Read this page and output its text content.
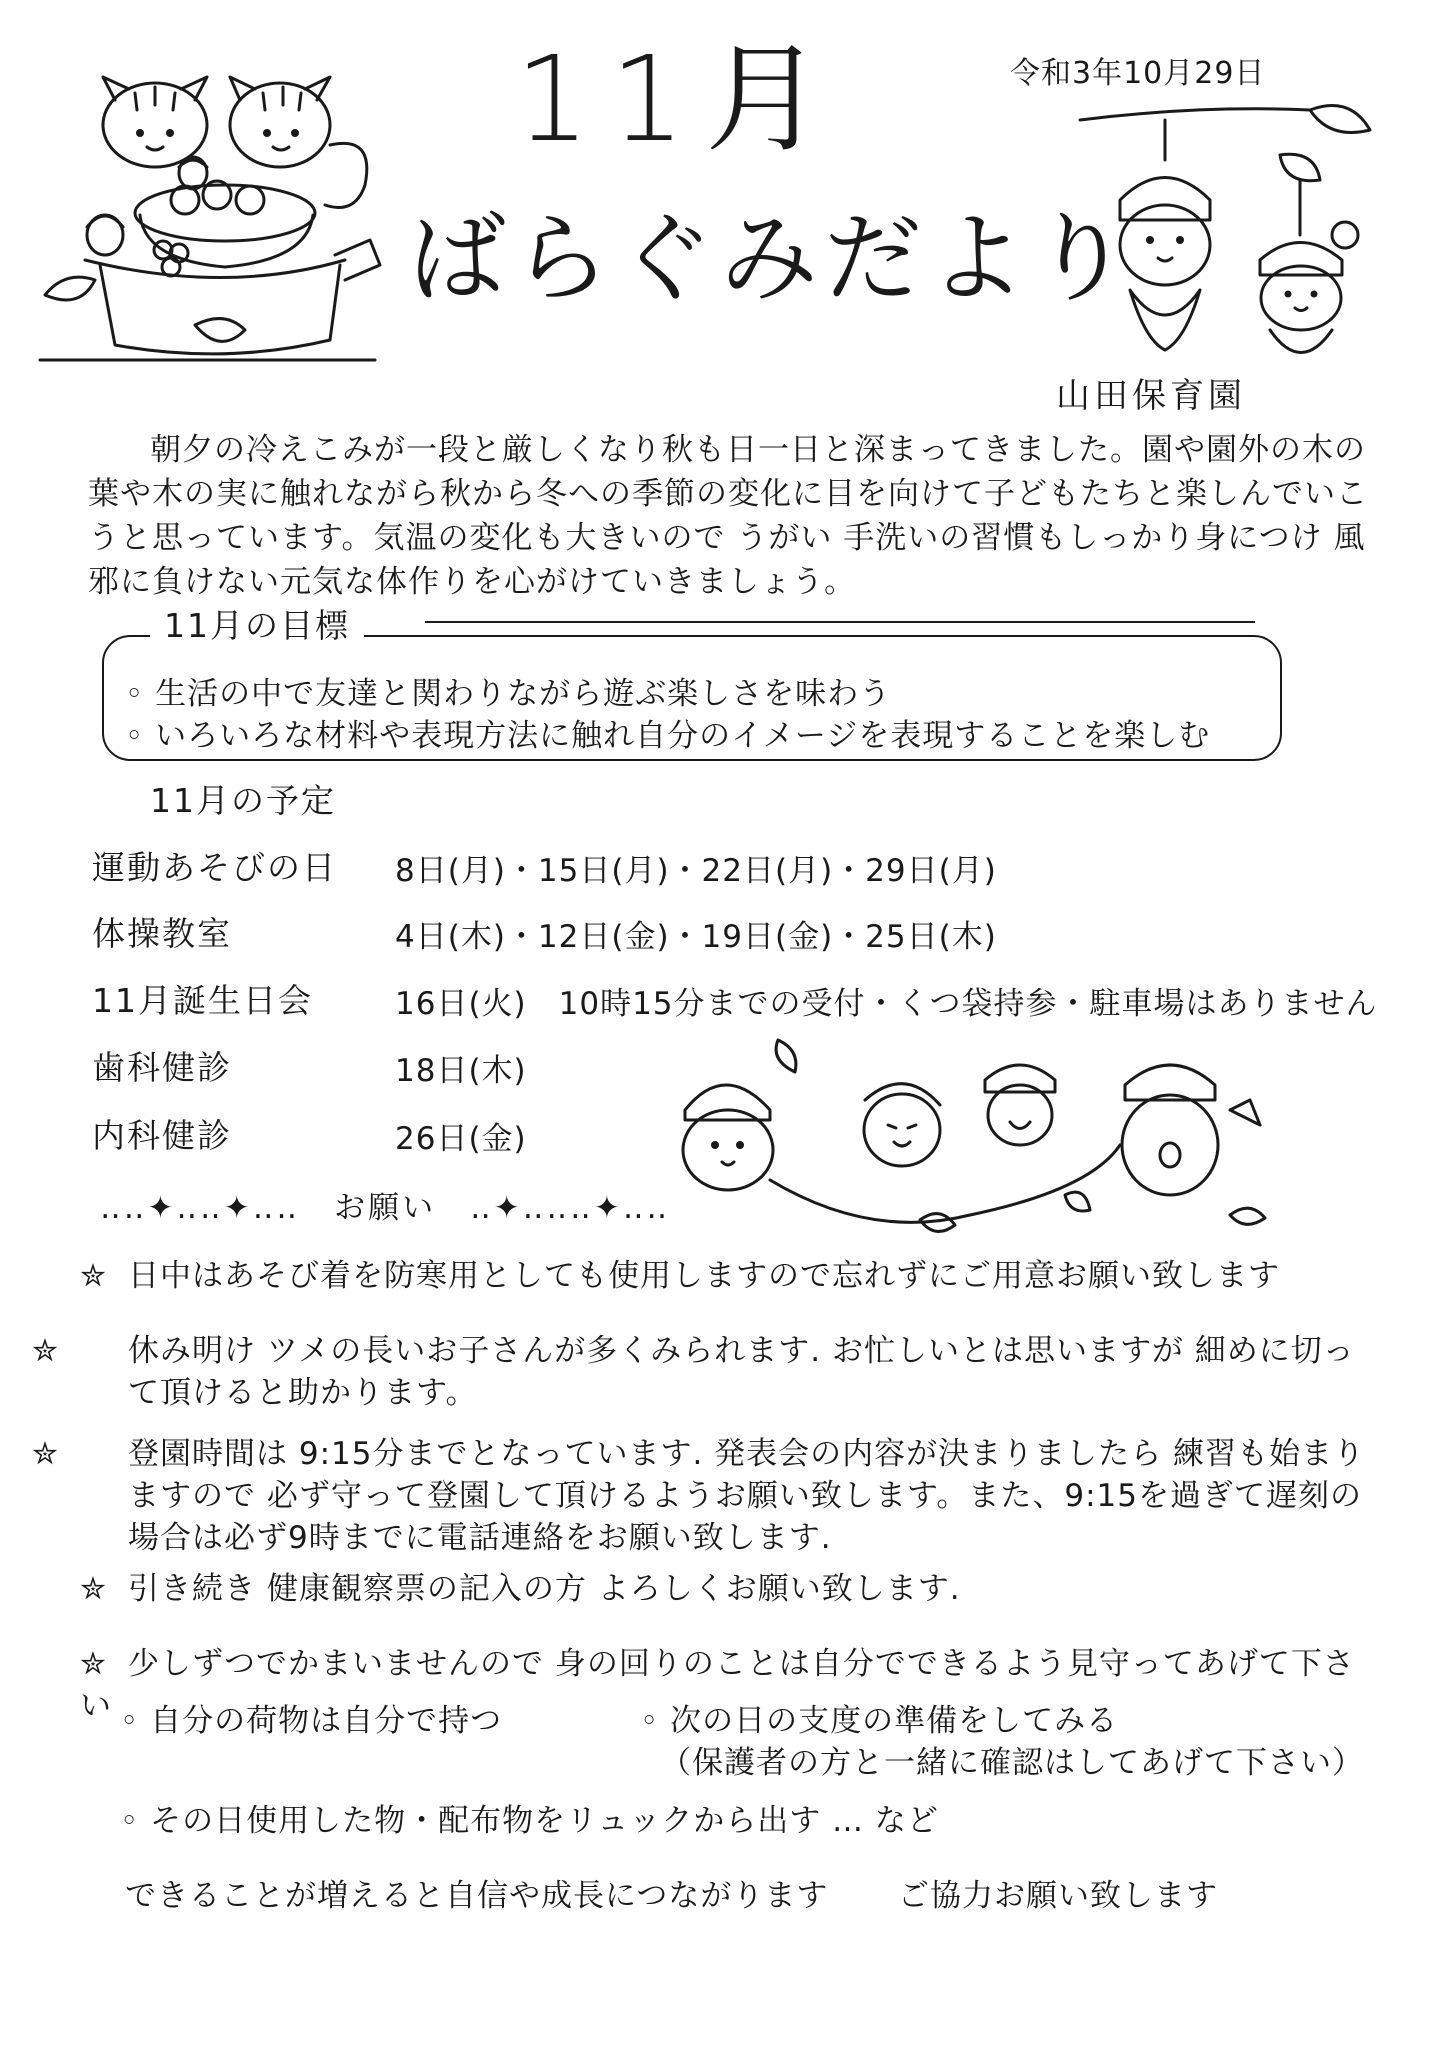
令和3年10月29日
11月
ばらぐみだより
山田保育園
朝夕の冷えこみが一段と厳しくなり秋も日一日と深まってきました。園や園外の木の葉や木の実に触れながら秋から冬への季節の変化に目を向けて子どもたちと楽しんでいこうと思っています。気温の変化も大きいので うがい 手洗いの習慣もしっかり身につけ 風邪に負けない元気な体作りを心がけていきましょう。
11月の目標
◦ 生活の中で友達と関わりながら遊ぶ楽しさを味わう
◦ いろいろな材料や表現方法に触れ自分のイメージを表現することを楽しむ
11月の予定
運動あそびの日 8日(月)・15日(月)・22日(月)・29日(月)
体操教室	4日(木)・12日(金)・19日(金)・25日(木)
11月誕生日会	16日(火)　10時15分までの受付・くつ袋持参・駐車場はありません
歯科健診	18日(木)
内科健診	26日(金)
‥‥✦‥‥✦‥‥　お願い　‥✦‥‥‥✦‥‥
✮ 日中はあそび着を防寒用としても使用しますので忘れずにご用意お願い致します
✮ 休み明け ツメの長いお子さんが多くみられます. お忙しいとは思いますが 細めに切って頂けると助かります。
✮ 登園時間は 9:15分までとなっています. 発表会の内容が決まりましたら 練習も始まりますので 必ず守って登園して頂けるようお願い致します。また、9:15を過ぎて遅刻の場合は必ず9時までに電話連絡をお願い致します.
✮ 引き続き 健康観察票の記入の方 よろしくお願い致します.
✮ 少しずつでかまいませんので 身の回りのことは自分でできるよう見守ってあげて下さい ◦ 自分の荷物は自分で持つ	◦ 次の日の支度の準備をしてみる
（保護者の方と一緒に確認はしてあげて下さい）
◦ その日使用した物・配布物をリュックから出す … など
できることが増えると自信や成長につながります ご協力お願い致します
